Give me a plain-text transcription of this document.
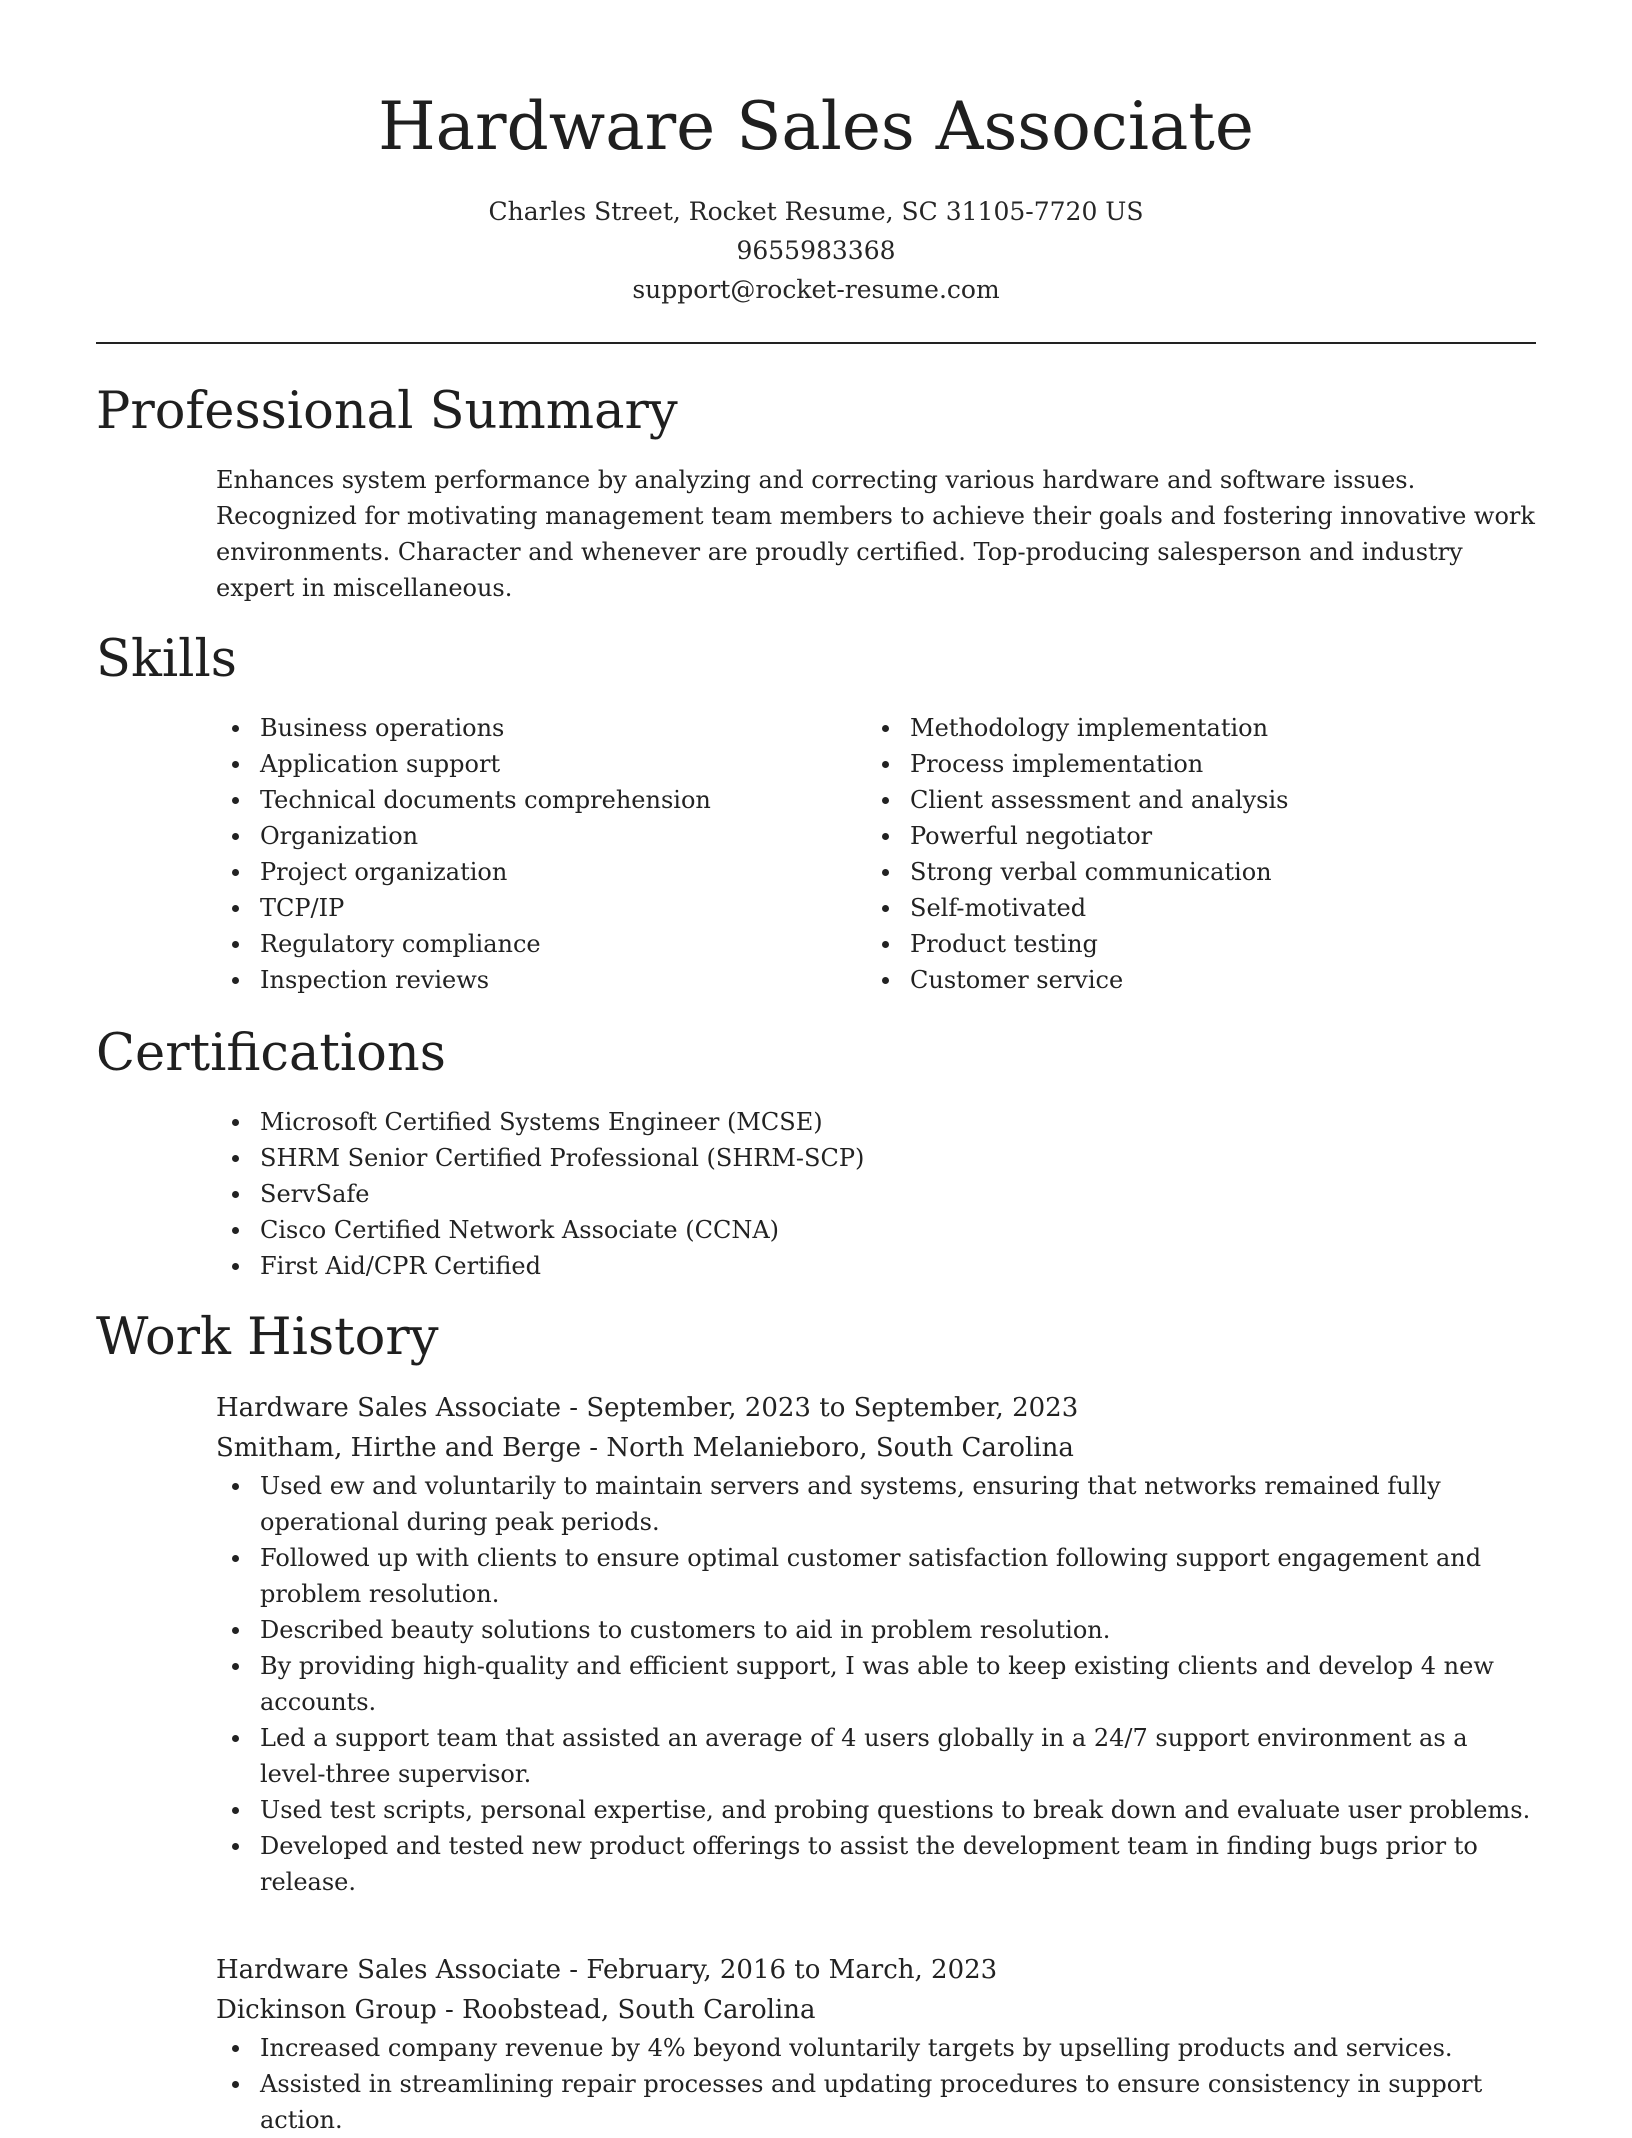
Hardware Sales Associate
Charles Street, Rocket Resume, SC 31105-7720 US
9655983368
support@rocket-resume.com
Professional Summary

Enhances system performance by analyzing and correcting various hardware and software issues. Recognized for motivating management team members to achieve their goals and fostering innovative work environments. Character and whenever are proudly certified. Top-producing salesperson and industry expert in miscellaneous.

Skills
Business operations
Application support
Technical documents comprehension
Organization
Project organization
TCP/IP
Regulatory compliance
Inspection reviews
Methodology implementation
Process implementation
Client assessment and analysis
Powerful negotiator
Strong verbal communication
Self-motivated
Product testing
Customer service
Certifications
Microsoft Certified Systems Engineer (MCSE)
SHRM Senior Certified Professional (SHRM-SCP)
ServSafe
Cisco Certified Network Associate (CCNA)
First Aid/CPR Certified
Work History
Hardware Sales Associate - September, 2023 to September, 2023
Smitham, Hirthe and Berge - North Melanieboro, South Carolina
Used ew and voluntarily to maintain servers and systems, ensuring that networks remained fully operational during peak periods.
Followed up with clients to ensure optimal customer satisfaction following support engagement and problem resolution.
Described beauty solutions to customers to aid in problem resolution.
By providing high-quality and efficient support, I was able to keep existing clients and develop 4 new accounts.
Led a support team that assisted an average of 4 users globally in a 24/7 support environment as a level-three supervisor.
Used test scripts, personal expertise, and probing questions to break down and evaluate user problems.
Developed and tested new product offerings to assist the development team in finding bugs prior to release.
Hardware Sales Associate - February, 2016 to March, 2023
Dickinson Group - Roobstead, South Carolina
Increased company revenue by 4% beyond voluntarily targets by upselling products and services.
Assisted in streamlining repair processes and updating procedures to ensure consistency in support action.
